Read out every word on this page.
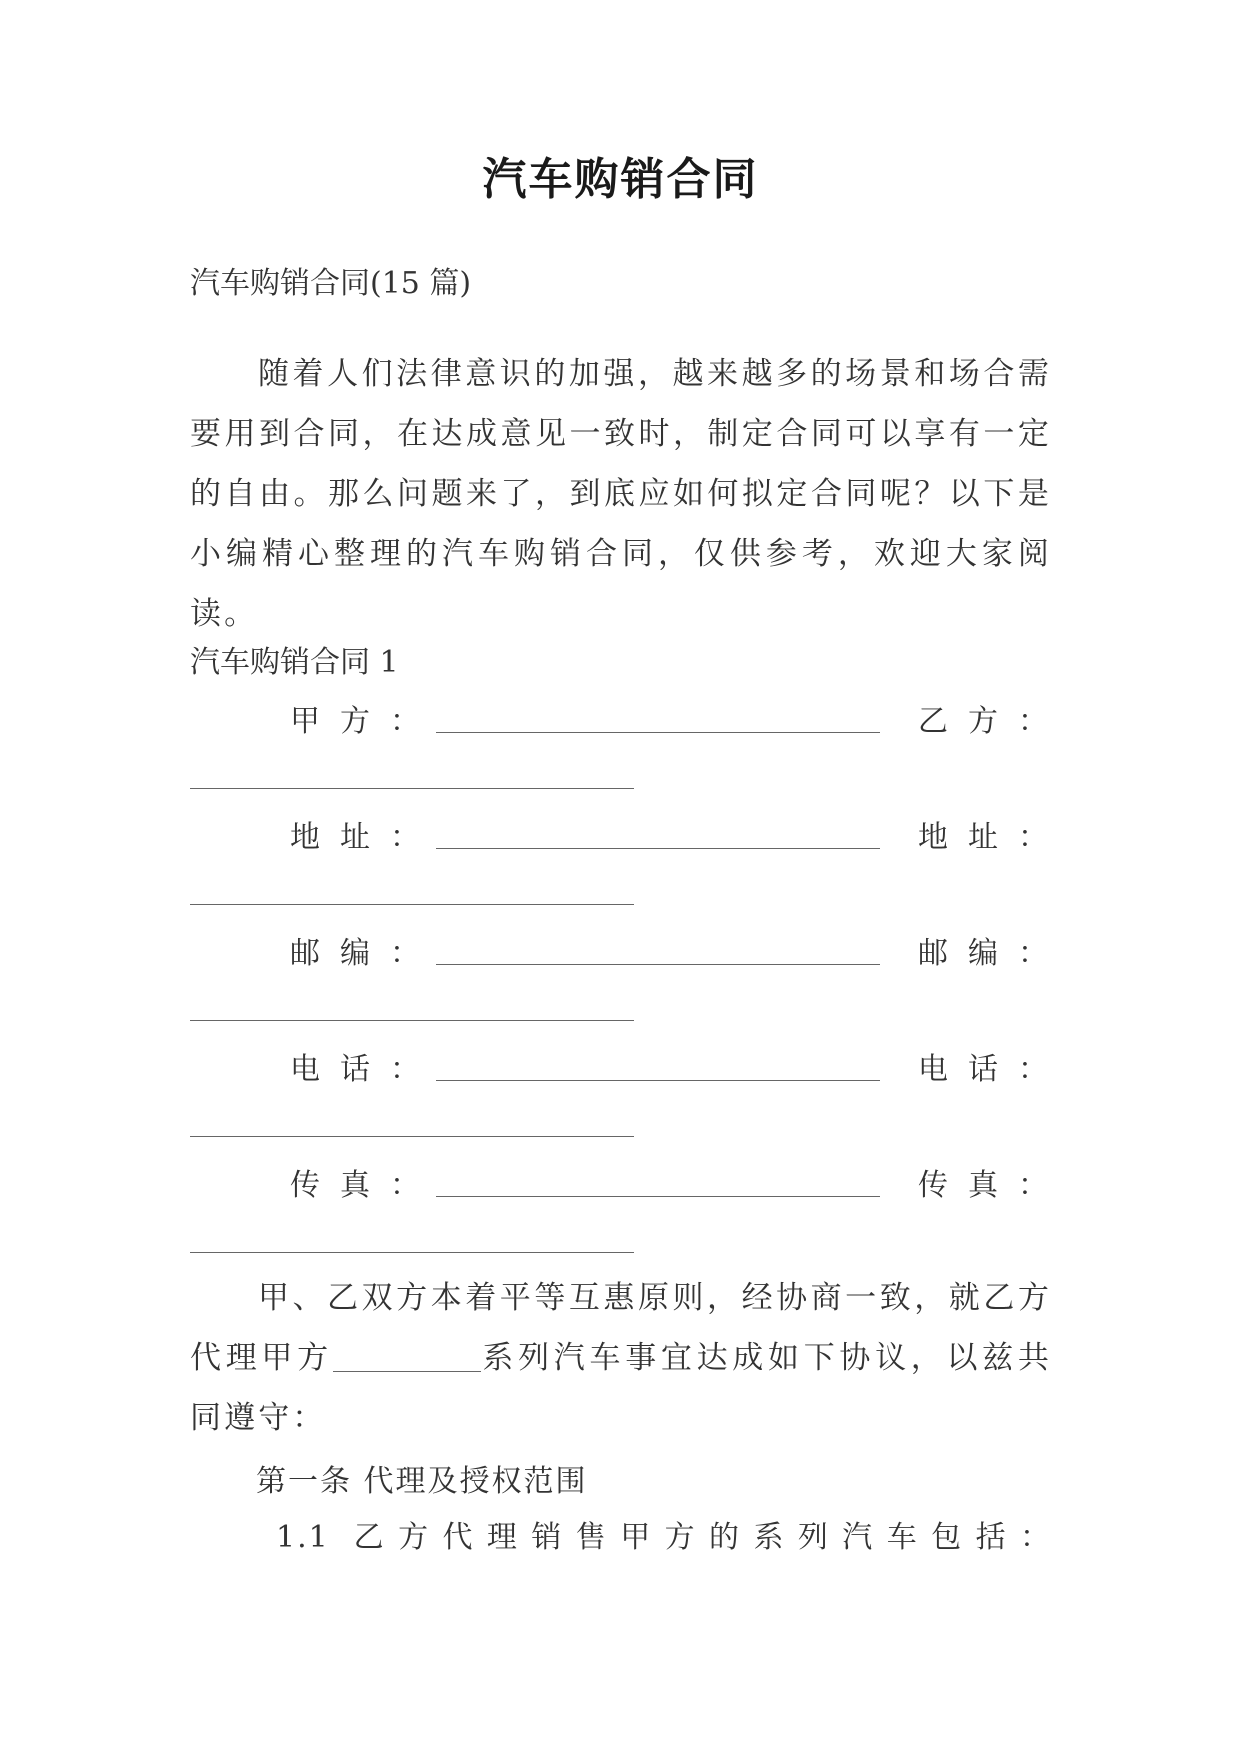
汽车购销合同
汽车购销合同(15 篇)
随着人们法律意识的加强，越来越多的场景和场合需要用到合同，在达成意见一致时，制定合同可以享有一定的自由。那么问题来了，到底应如何拟定合同呢？以下是小编精心整理的汽车购销合同，仅供参考，欢迎大家阅读。
汽车购销合同 1
甲方：	乙方：
地址：	地址：
邮编：	邮编：
电话：	电话：
传真：	传真：
甲、乙双方本着平等互惠原则，经协商一致，就乙方代理甲方	系列汽车事宜达成如下协议，以兹共同遵守：
第一条 代理及授权范围
1.1 乙方代理销售甲方的系列汽车包括：
